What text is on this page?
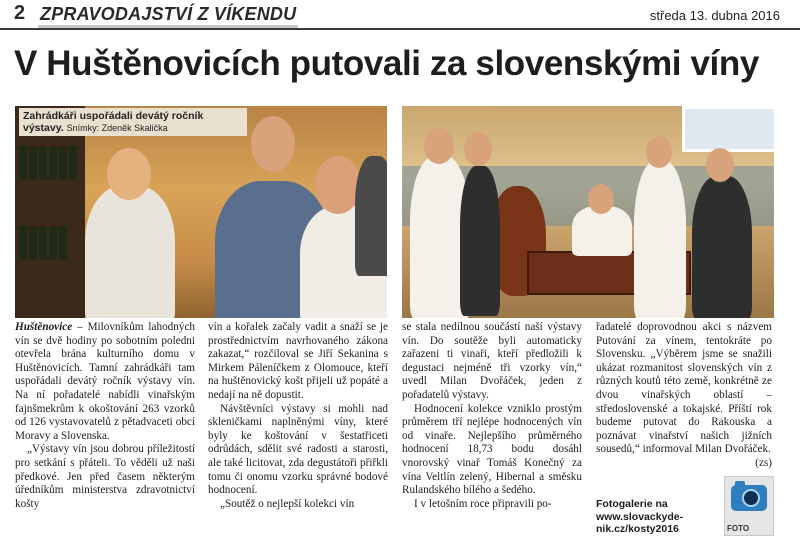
2 ZPRAVODAJSTVÍ Z VÍKENDU	středa 13. dubna 2016
V Huštěnovicích putovali za slovenskými víny
Zahrádkáři uspořádali devátý ročník výstavy. Snímky: Zdeněk Skalička

Huštěnovice – Milovníkům lahodných vín se dvě hodiny po sobotním poledni otevřela brána kulturního domu v Huštěnovicích. Tamní zahrádkáři tam uspořádali devátý ročník výstavy vín. Na ní pořadatelé nabídli vinařským fajnšmekrům k okoštování 263 vzorků od 126 vystavovatelů z pětadvaceti obcí Moravy a Slovenska.

„Výstavy vín jsou dobrou příležitostí pro setkání s přáteli. To věděli už naši předkové. Jen před časem některým úředníkům ministerstva zdravotnictví košty

vín a kořalek začaly vadit a snaží se je prostřednictvím navrhovaného zákona zakazat,“ rozčiloval se Jiří Sekanina s Mirkem Páleníčkem z Olomouce, kteří na huštěnovický košt přijeli už popáté a nedají na ně dopustit.

Návštěvníci výstavy si mohli nad skleničkami naplněnými víny, které byly ke koštování v šestatřiceti odrůdách, sdělit své radosti a starosti, ale také licitovat, zda degustátoři přiřkli tomu či onomu vzorku správné bodové hodnocení.

„Soutěž o nejlepší kolekci vín

se stala nedílnou součástí naší výstavy vín. Do soutěže byli automaticky zařazeni ti vinaři, kteří předložili k degustaci nejméně tři vzorky vín,“ uvedl Milan Dvořáček, jeden z pořadatelů výstavy.

Hodnocení kolekce vzniklo prostým průměrem tří nejlépe hodnocených vín od vinaře. Nejlepšího průměrného hodnocení 18,73 bodu dosáhl vnorovský vinař Tomáš Konečný za vína Veltlín zelený, Hibernal a směsku Rulandského bílého a šedého.

I v letošním roce připravili po-

řadatelé doprovodnou akci s názvem Putování za vínem, tentokráte po Slovensku. „Výběrem jsme se snažili ukázat rozmanitost slovenských vín z různých koutů této země, konkrétně ze dvou vinařských oblastí – středoslovenské a tokajské. Příští rok budeme putovat do Rakouska a poznávat vinařství našich jižních sousedů,“ informoval Milan Dvořáček.

(zs)

Fotogalerie na
www.slovackydenik.cz/kosty2016	FOTO
